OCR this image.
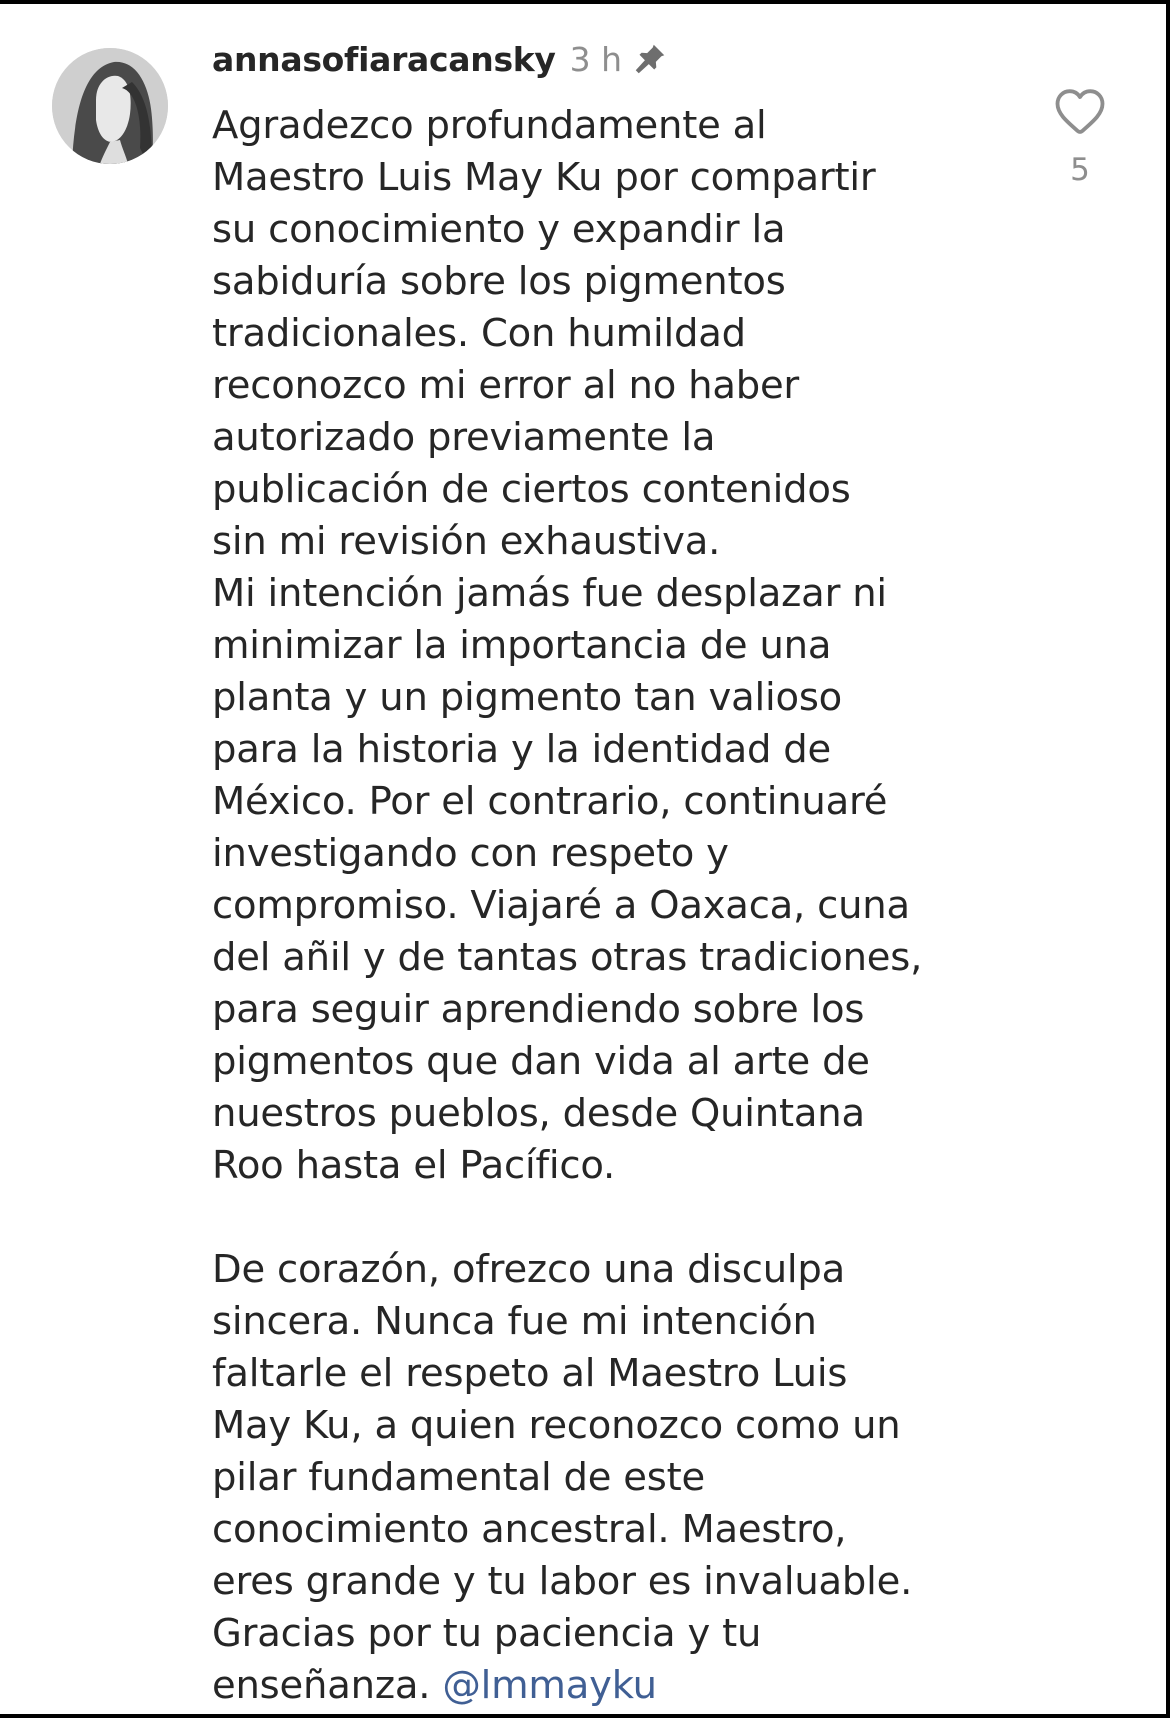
annasofiaracansky 3 h
Agradezco profundamente al
Maestro Luis May Ku por compartir
su conocimiento y expandir la
sabiduría sobre los pigmentos
tradicionales. Con humildad
reconozco mi error al no haber
autorizado previamente la
publicación de ciertos contenidos
sin mi revisión exhaustiva.
Mi intención jamás fue desplazar ni
minimizar la importancia de una
planta y un pigmento tan valioso
para la historia y la identidad de
México. Por el contrario, continuaré
investigando con respeto y
compromiso. Viajaré a Oaxaca, cuna
del añil y de tantas otras tradiciones,
para seguir aprendiendo sobre los
pigmentos que dan vida al arte de
nuestros pueblos, desde Quintana
Roo hasta el Pacífico.
De corazón, ofrezco una disculpa
sincera. Nunca fue mi intención
faltarle el respeto al Maestro Luis
May Ku, a quien reconozco como un
pilar fundamental de este
conocimiento ancestral. Maestro,
eres grande y tu labor es invaluable.
Gracias por tu paciencia y tu
enseñanza. @lmmayku
5
